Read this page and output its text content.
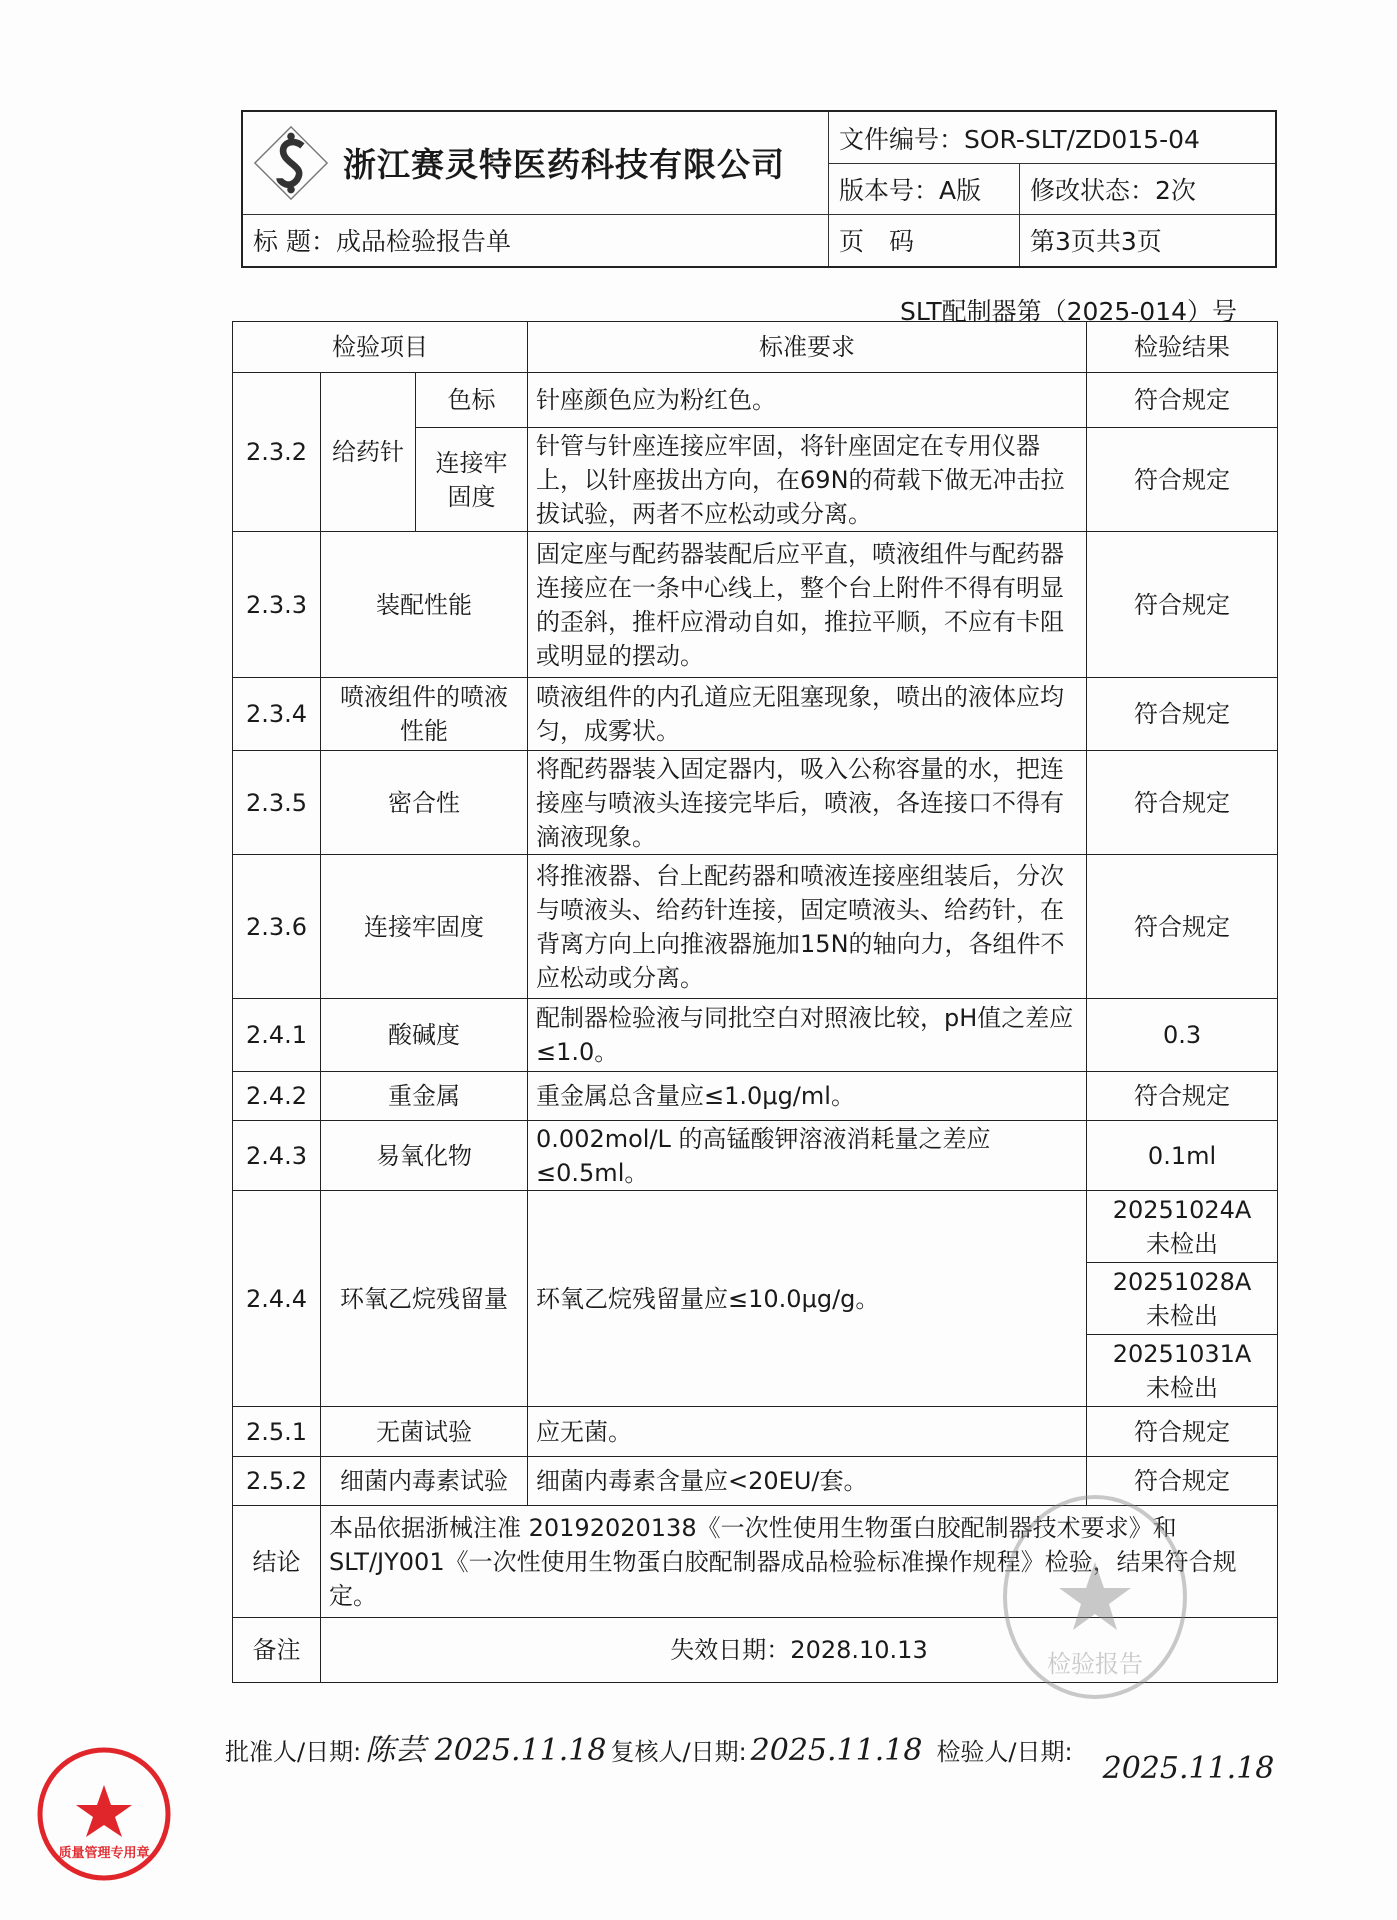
浙江赛灵特医药科技有限公司	文件编号：SOR-SLT/ZD015-04	
	版本号：A版	修改状态：2次
标 题：成品检验报告单	页　码	第3页共3页
SLT配制器第（2025-014）号
检验项目			标准要求	检验结果
2.3.2	给药针	色标	针座颜色应为粉红色。	符合规定
		连接牢固度	针管与针座连接应牢固，将针座固定在专用仪器上，以针座拔出方向，在69N的荷载下做无冲击拉拔试验，两者不应松动或分离。	符合规定
2.3.3	装配性能		固定座与配药器装配后应平直，喷液组件与配药器连接应在一条中心线上，整个台上附件不得有明显的歪斜，推杆应滑动自如，推拉平顺，不应有卡阻或明显的摆动。	符合规定
2.3.4	喷液组件的喷液性能		喷液组件的内孔道应无阻塞现象，喷出的液体应均匀，成雾状。	符合规定
2.3.5	密合性		将配药器装入固定器内，吸入公称容量的水，把连接座与喷液头连接完毕后，喷液，各连接口不得有滴液现象。	符合规定
2.3.6	连接牢固度		将推液器、台上配药器和喷液连接座组装后，分次与喷液头、给药针连接，固定喷液头、给药针，在背离方向上向推液器施加15N的轴向力，各组件不应松动或分离。	符合规定
2.4.1	酸碱度		配制器检验液与同批空白对照液比较，pH值之差应≤1.0。	0.3
2.4.2	重金属		重金属总含量应≤1.0μg/ml。	符合规定
2.4.3	易氧化物		0.002mol/L 的高锰酸钾溶液消耗量之差应≤0.5ml。	0.1ml
2.4.4	环氧乙烷残留量		环氧乙烷残留量应≤10.0μg/g。	20251024A
未检出

				20251028A
未检出

				20251031A
未检出

2.5.1	无菌试验		应无菌。	符合规定
2.5.2	细菌内毒素试验		细菌内毒素含量应<20EU/套。	符合规定
结论	本品依据浙械注准 20192020138《一次性使用生物蛋白胶配制器技术要求》和SLT/JY001《一次性使用生物蛋白胶配制器成品检验标准操作规程》检验，结果符合规定。			
备注	失效日期：2028.10.13				检验报告
批准人/日期: 陈芸 2025.11.18 复核人/日期: 2025.11.18 检验人/日期: 2025.11.18
质量管理专用章
